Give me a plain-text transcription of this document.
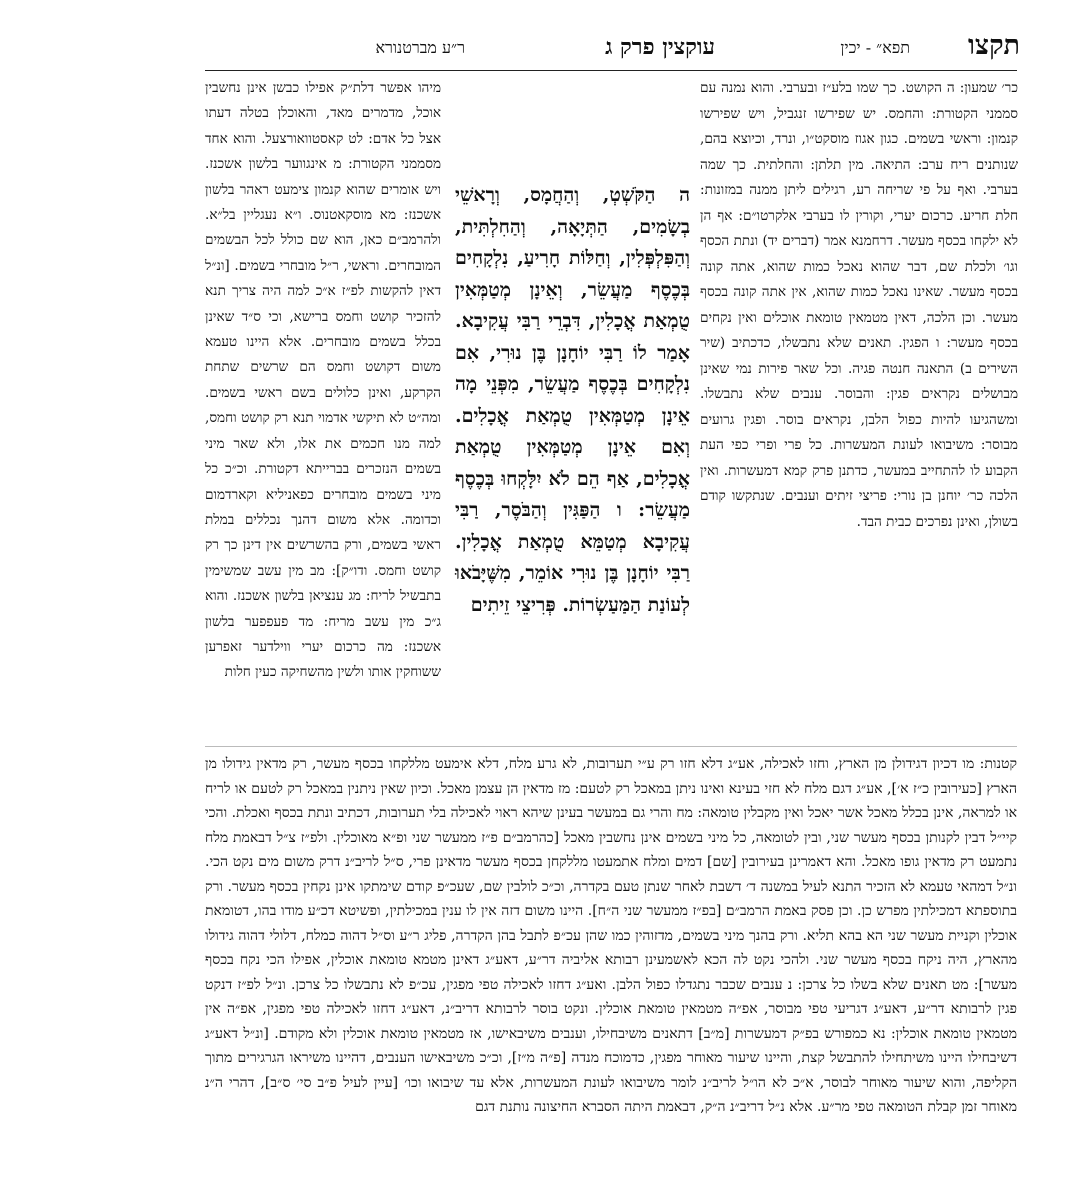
תקצו
תפא״ - יכין
עוקצין פרק ג
ר״ע מברטנורא

כר׳ שמעון: ה הקושט. כך שמו בלע״ז ובערבי. והוא נמנה עם סממני הקטורת: והחמס. יש שפירשו זנגביל, ויש שפירשו קנמון: וראשי בשמים. כגון אגוז מוסקט״ו, ונרד, וכיוצא בהם, שנותנים ריח ערב: התיאה. מין תלתן: והחלתית. כך שמה בערבי. ואף על פי שריחה רע, רגילים ליתן ממנה במזונות: חלת חריע. כרכום יערי, וקורין לו בערבי אלקרטו״ם: אף הן לא ילקחו בכסף מעשר. דרחמנא אמר (דברים יד) ונתת הכסף וגו׳ ולכלת שם, דבר שהוא נאכל כמות שהוא, אתה קונה בכסף מעשר. שאינו נאכל כמות שהוא, אין אתה קונה בכסף מעשר. וכן הלכה, דאין מטמאין טומאת אוכלים ואין נקחים בכסף מעשר: ו הפגין. תאנים שלא נתבשלו, כדכתיב (שיר השירים ב) התאנה חנטה פגיה. וכל שאר פירות נמי שאינן מבושלים נקראים פגין: והבוסר. ענבים שלא נתבשלו. ומשהגיעו להיות כפול הלבן, נקראים בוסר. ופגין גרועים מבוסר: משיבואו לעונת המעשרות. כל פרי ופרי כפי העת הקבוע לו להתחייב במעשר, כדתנן פרק קמא דמעשרות. ואין הלכה כר׳ יוחנן בן נורי: פריצי זיתים וענבים. שנתקשו קודם בשולן, ואינן נפרכים כבית הבד.

ה הַקֹּשְׁטְ, וְהַחֲמָס, וְרָאשֵׁי בְשָׂמִים, הַתְּיָאָה, וְהַחִלְתִּית, וְהַפִּלְפְּלִין, וְחַלּוֹת חָרִיעַ, נִלְקָחִים בְּכֶסֶף מַעֲשֵׂר, וְאֵינָן מְטַמְּאִין טֻמְאַת אֳכָלִין, דִּבְרֵי רַבִּי עֲקִיבָא. אָמַר לוֹ רַבִּי יוֹחָנָן בֶּן נוּרִי, אִם נִלְקָחִים בְּכֶסֶף מַעֲשֵׂר, מִפְּנֵי מָה אֵינָן מְטַמְּאִין טֻמְאַת אֳכָלִים. וְאִם אֵינָן מְטַמְּאִין טֻמְאַת אֳכָלִים, אַף הֵם לֹא יִלָּקְחוּ בְּכֶסֶף מַעֲשֵׂר: ו הַפַּגִּין וְהַבֹּסֶר, רַבִּי עֲקִיבָא מְטַמֵּא טֻמְאַת אֳכָלִין. רַבִּי יוֹחָנָן בֶּן נוּרִי אוֹמֵר, מִשֶּׁיָּבֹאוּ לְעוֹנַת הַמַּעַשְׂרוֹת. פְּרִיצֵי זֵיתִים

מיהו אפשר דלת״ק אפילו כבשן אינן נחשבין אוכל, מדמרים מאד, והאוכלן בטלה דעתו אצל כל אדם: לט קאסטוואורצעל. והוא אחד מסממני הקטורת: מ אינגווער בלשון אשכנז. ויש אומרים שהוא קנמון צימעט ראהר בלשון אשכנז: מא מוסקאטנוס. ו״א נעגליין בל״א. ולהרמב״ם כאן, הוא שם כולל לכל הבשמים המובחרים. וראשי, ר״ל מובחרי בשמים. [ונ״ל דאין להקשות לפ״ז א״כ למה היה צריך תנא להזכיר קושט וחמס ברישא, וכי ס״ד שאינן בכלל בשמים מובחרים. אלא היינו טעמא משום דקושט וחמס הם שרשים שתחת הקרקע, ואינן כלולים בשם ראשי בשמים. ומה״ט לא תיקשי אדמוי תנא רק קושט וחמס, למה מנו חכמים את אלו, ולא שאר מיני בשמים הנזכרים בברייתא דקטורת. וכ״כ כל מיני בשמים מובחרים כפאניליא וקארדמום וכדומה. אלא משום דהנך נכללים במלת ראשי בשמים, ורק בהשרשים אין דינן כך רק קושט וחמס. ודו״ק]: מב מין עשב שמשימין בתבשיל לריח: מג ענציאן בלשון אשכנז. והוא ג״כ מין עשב מריח: מד פעפפער בלשון אשכנז: מה כרכום יערי ווילדער זאפרען ששוחקין אותו ולשין מהשחיקה כעין חלות

קטנות: מו דכיון דגידולן מן הארץ, וחזו לאכילה, אע״ג דלא חזו רק ע״י תערובות, לא גרע מלח, דלא אימעט מללקחו בכסף מעשר, רק מדאין גידולו מן הארץ [כעירובין כ״ז א׳], אע״ג דגם מלח לא חזי בעינא ואינו ניתן במאכל רק לטעם: מז מדאין הן עצמן מאכל. וכיון שאין ניתנין במאכל רק לטעם או לריח או למראה, אינן בכלל מאכל אשר יאכל ואין מקבלין טומאה: מח והרי גם במעשר בעינן שיהא ראוי לאכילה בלי תערובות, דכתיב ונתת בכסף ואכלת. והכי קיי״ל דבין לקנותן בכסף מעשר שני, ובין לטומאה, כל מיני בשמים אינן נחשבין מאכל [כהרמב״ם פ״ז ממעשר שני ופ״א מאוכלין. ולפ״ז צ״ל דבאמת מלח נתמעט רק מדאין גופו מאכל. והא דאמרינן בעירובין [שם] דמים ומלח אתמעטו מללקחן בכסף מעשר מדאינן פרי, ס״ל לריב״נ דרק משום מים נקט הכי. ונ״ל דמהאי טעמא לא הזכיר התנא לעיל במשנה ד׳ דשבת לאחר שנתן טעם בקדרה, וכ״כ לולבין שם, שעכ״פ קודם שימתקו אינן נקחין בכסף מעשר. ורק בתוספתא דמכילתין מפרש כן. וכן פסק באמת הרמב״ם [בפ״ז ממעשר שני ה״ח]. היינו משום דזה אין לו ענין במכילתין, ופשיטא דכ״ע מודו בהו, דטומאת אוכלין וקניית מעשר שני הא בהא תליא. ורק בהנך מיני בשמים, מדזוהין כמו שהן עכ״פ לתבל בהן הקדרה, פליג ר״ע וס״ל דהוה כמלח, דלולי דהוה גידולו מהארץ, היה ניקח בכסף מעשר שני. ולהכי נקט לה הכא לאשמעינן רבותא אליביה דר״ע, דאע״ג דאינן מטמא טומאת אוכלין, אפילו הכי נקח בכסף מעשר]: מט תאנים שלא בשלו כל צרכן: נ ענבים שכבר נתגדלו כפול הלבן. ואע״ג דחזו לאכילה טפי מפגין, עכ״פ לא נתבשלו כל צרכן. ונ״ל לפ״ז דנקט פגין לרבותא דר״ע, דאע״ג דגריעי טפי מבוסר, אפ״ה מטמאין טומאת אוכלין. ונקט בוסר לרבותא דריב״נ, דאע״ג דחזו לאכילה טפי מפגין, אפ״ה אין מטמאין טומאת אוכלין: נא כמפורש בפ״ק דמעשרות [מ״ב] דתאנים משיבחילו, וענבים משיבאישו, אז מטמאין טומאת אוכלין ולא מקודם. [ונ״ל דאע״ג דשיבחילו היינו משיתחילו להתבשל קצת, והיינו שיעור מאוחר מפגין, כדמוכח מנדה [פ״ה מ״ז], וכ״כ משיבאישו הענבים, דהיינו משיראו הגרגירים מתוך הקליפה, והוא שיעור מאוחר לבוסר, א״כ לא הו״ל לריב״נ לומר משיבואו לעונת המעשרות, אלא עד שיבואו וכו׳ [עיין לעיל פ״ב סי׳ ס״ב], דהרי ה״נ מאוחר זמן קבלת הטומאה טפי מר״ע. אלא נ״ל דריב״נ ה״ק, דבאמת היתה הסברא החיצונה נותנת דגם
